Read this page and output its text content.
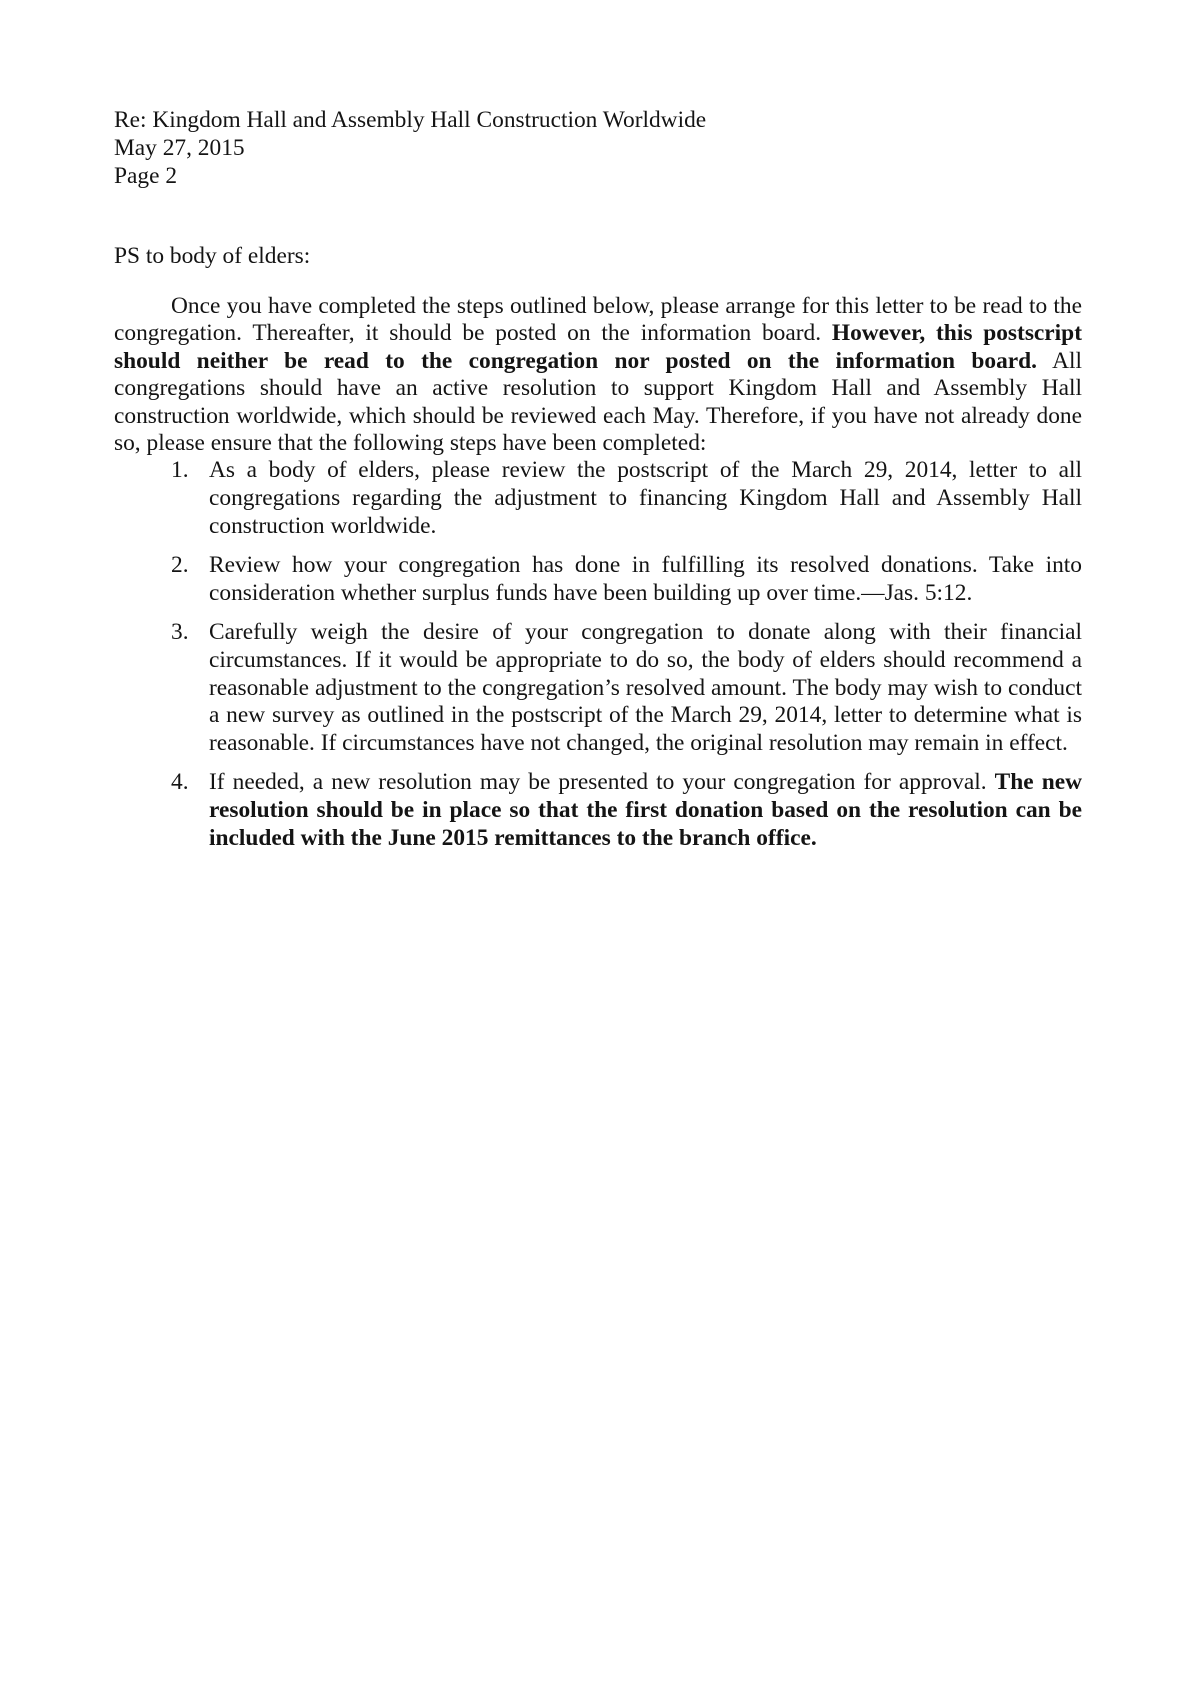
Re: Kingdom Hall and Assembly Hall Construction Worldwide
May 27, 2015
Page 2

PS to body of elders:

Once you have completed the steps outlined below, please arrange for this letter to be read to the congregation. Thereafter, it should be posted on the information board. However, this postscript should neither be read to the congregation nor posted on the information board. All congregations should have an active resolution to support Kingdom Hall and Assembly Hall construction worldwide, which should be reviewed each May. Therefore, if you have not already done so, please ensure that the following steps have been completed:

1. As a body of elders, please review the postscript of the March 29, 2014, letter to all congregations regarding the adjustment to financing Kingdom Hall and Assembly Hall construction worldwide.
2. Review how your congregation has done in fulfilling its resolved donations. Take into consideration whether surplus funds have been building up over time.—Jas. 5:12.
3. Carefully weigh the desire of your congregation to donate along with their financial circumstances. If it would be appropriate to do so, the body of elders should recommend a reasonable adjustment to the congregation’s resolved amount. The body may wish to conduct a new survey as outlined in the postscript of the March 29, 2014, letter to determine what is reasonable. If circumstances have not changed, the original resolution may remain in effect.
4. If needed, a new resolution may be presented to your congregation for approval. The new resolution should be in place so that the first donation based on the resolution can be included with the June 2015 remittances to the branch office.
